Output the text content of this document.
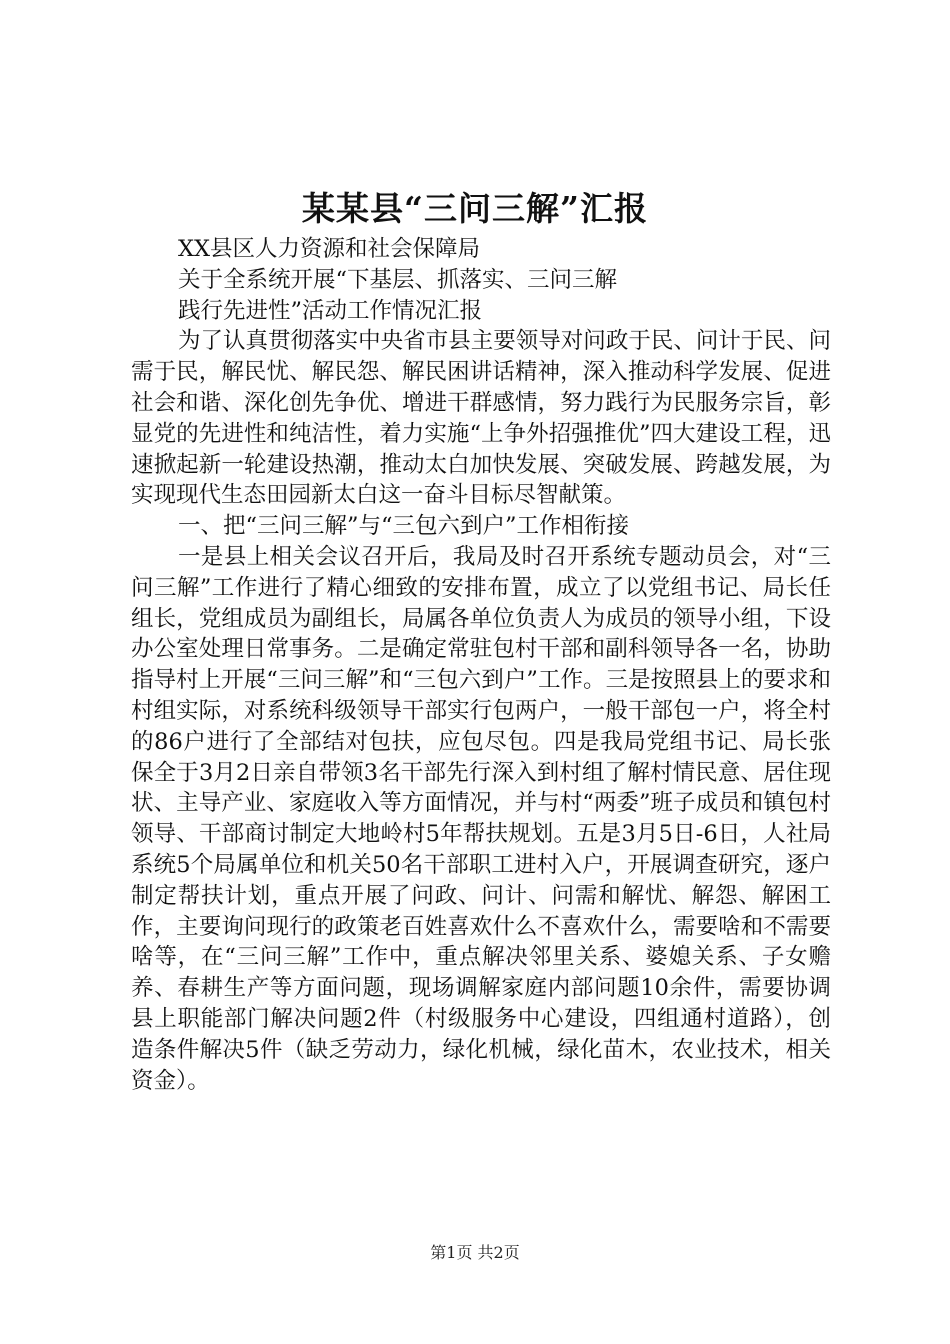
某某县“三问三解”汇报

XX县区人力资源和社会保障局

关于全系统开展“下基层、抓落实、三问三解

践行先进性”活动工作情况汇报

为了认真贯彻落实中央省市县主要领导对问政于民、问计于民、问需于民，解民忧、解民怨、解民困讲话精神，深入推动科学发展、促进社会和谐、深化创先争优、增进干群感情，努力践行为民服务宗旨，彰显党的先进性和纯洁性，着力实施“上争外招强推优”四大建设工程，迅速掀起新一轮建设热潮，推动太白加快发展、突破发展、跨越发展，为实现现代生态田园新太白这一奋斗目标尽智献策。

一、把“三问三解”与“三包六到户”工作相衔接

一是县上相关会议召开后，我局及时召开系统专题动员会，对“三问三解”工作进行了精心细致的安排布置，成立了以党组书记、局长任组长，党组成员为副组长，局属各单位负责人为成员的领导小组，下设办公室处理日常事务。二是确定常驻包村干部和副科领导各一名，协助指导村上开展“三问三解”和“三包六到户”工作。三是按照县上的要求和村组实际，对系统科级领导干部实行包两户，一般干部包一户，将全村的86户进行了全部结对包扶，应包尽包。四是我局党组书记、局长张保全于3月2日亲自带领3名干部先行深入到村组了解村情民意、居住现状、主导产业、家庭收入等方面情况，并与村“两委”班子成员和镇包村领导、干部商讨制定大地岭村5年帮扶规划。五是3月5日-6日，人社局系统5个局属单位和机关50名干部职工进村入户，开展调查研究，逐户制定帮扶计划，重点开展了问政、问计、问需和解忧、解怨、解困工作，主要询问现行的政策老百姓喜欢什么不喜欢什么，需要啥和不需要啥等，在“三问三解”工作中，重点解决邻里关系、婆媳关系、子女赡养、春耕生产等方面问题，现场调解家庭内部问题10余件，需要协调县上职能部门解决问题2件（村级服务中心建设，四组通村道路），创造条件解决5件（缺乏劳动力，绿化机械，绿化苗木，农业技术，相关资金）。

第1页 共2页
